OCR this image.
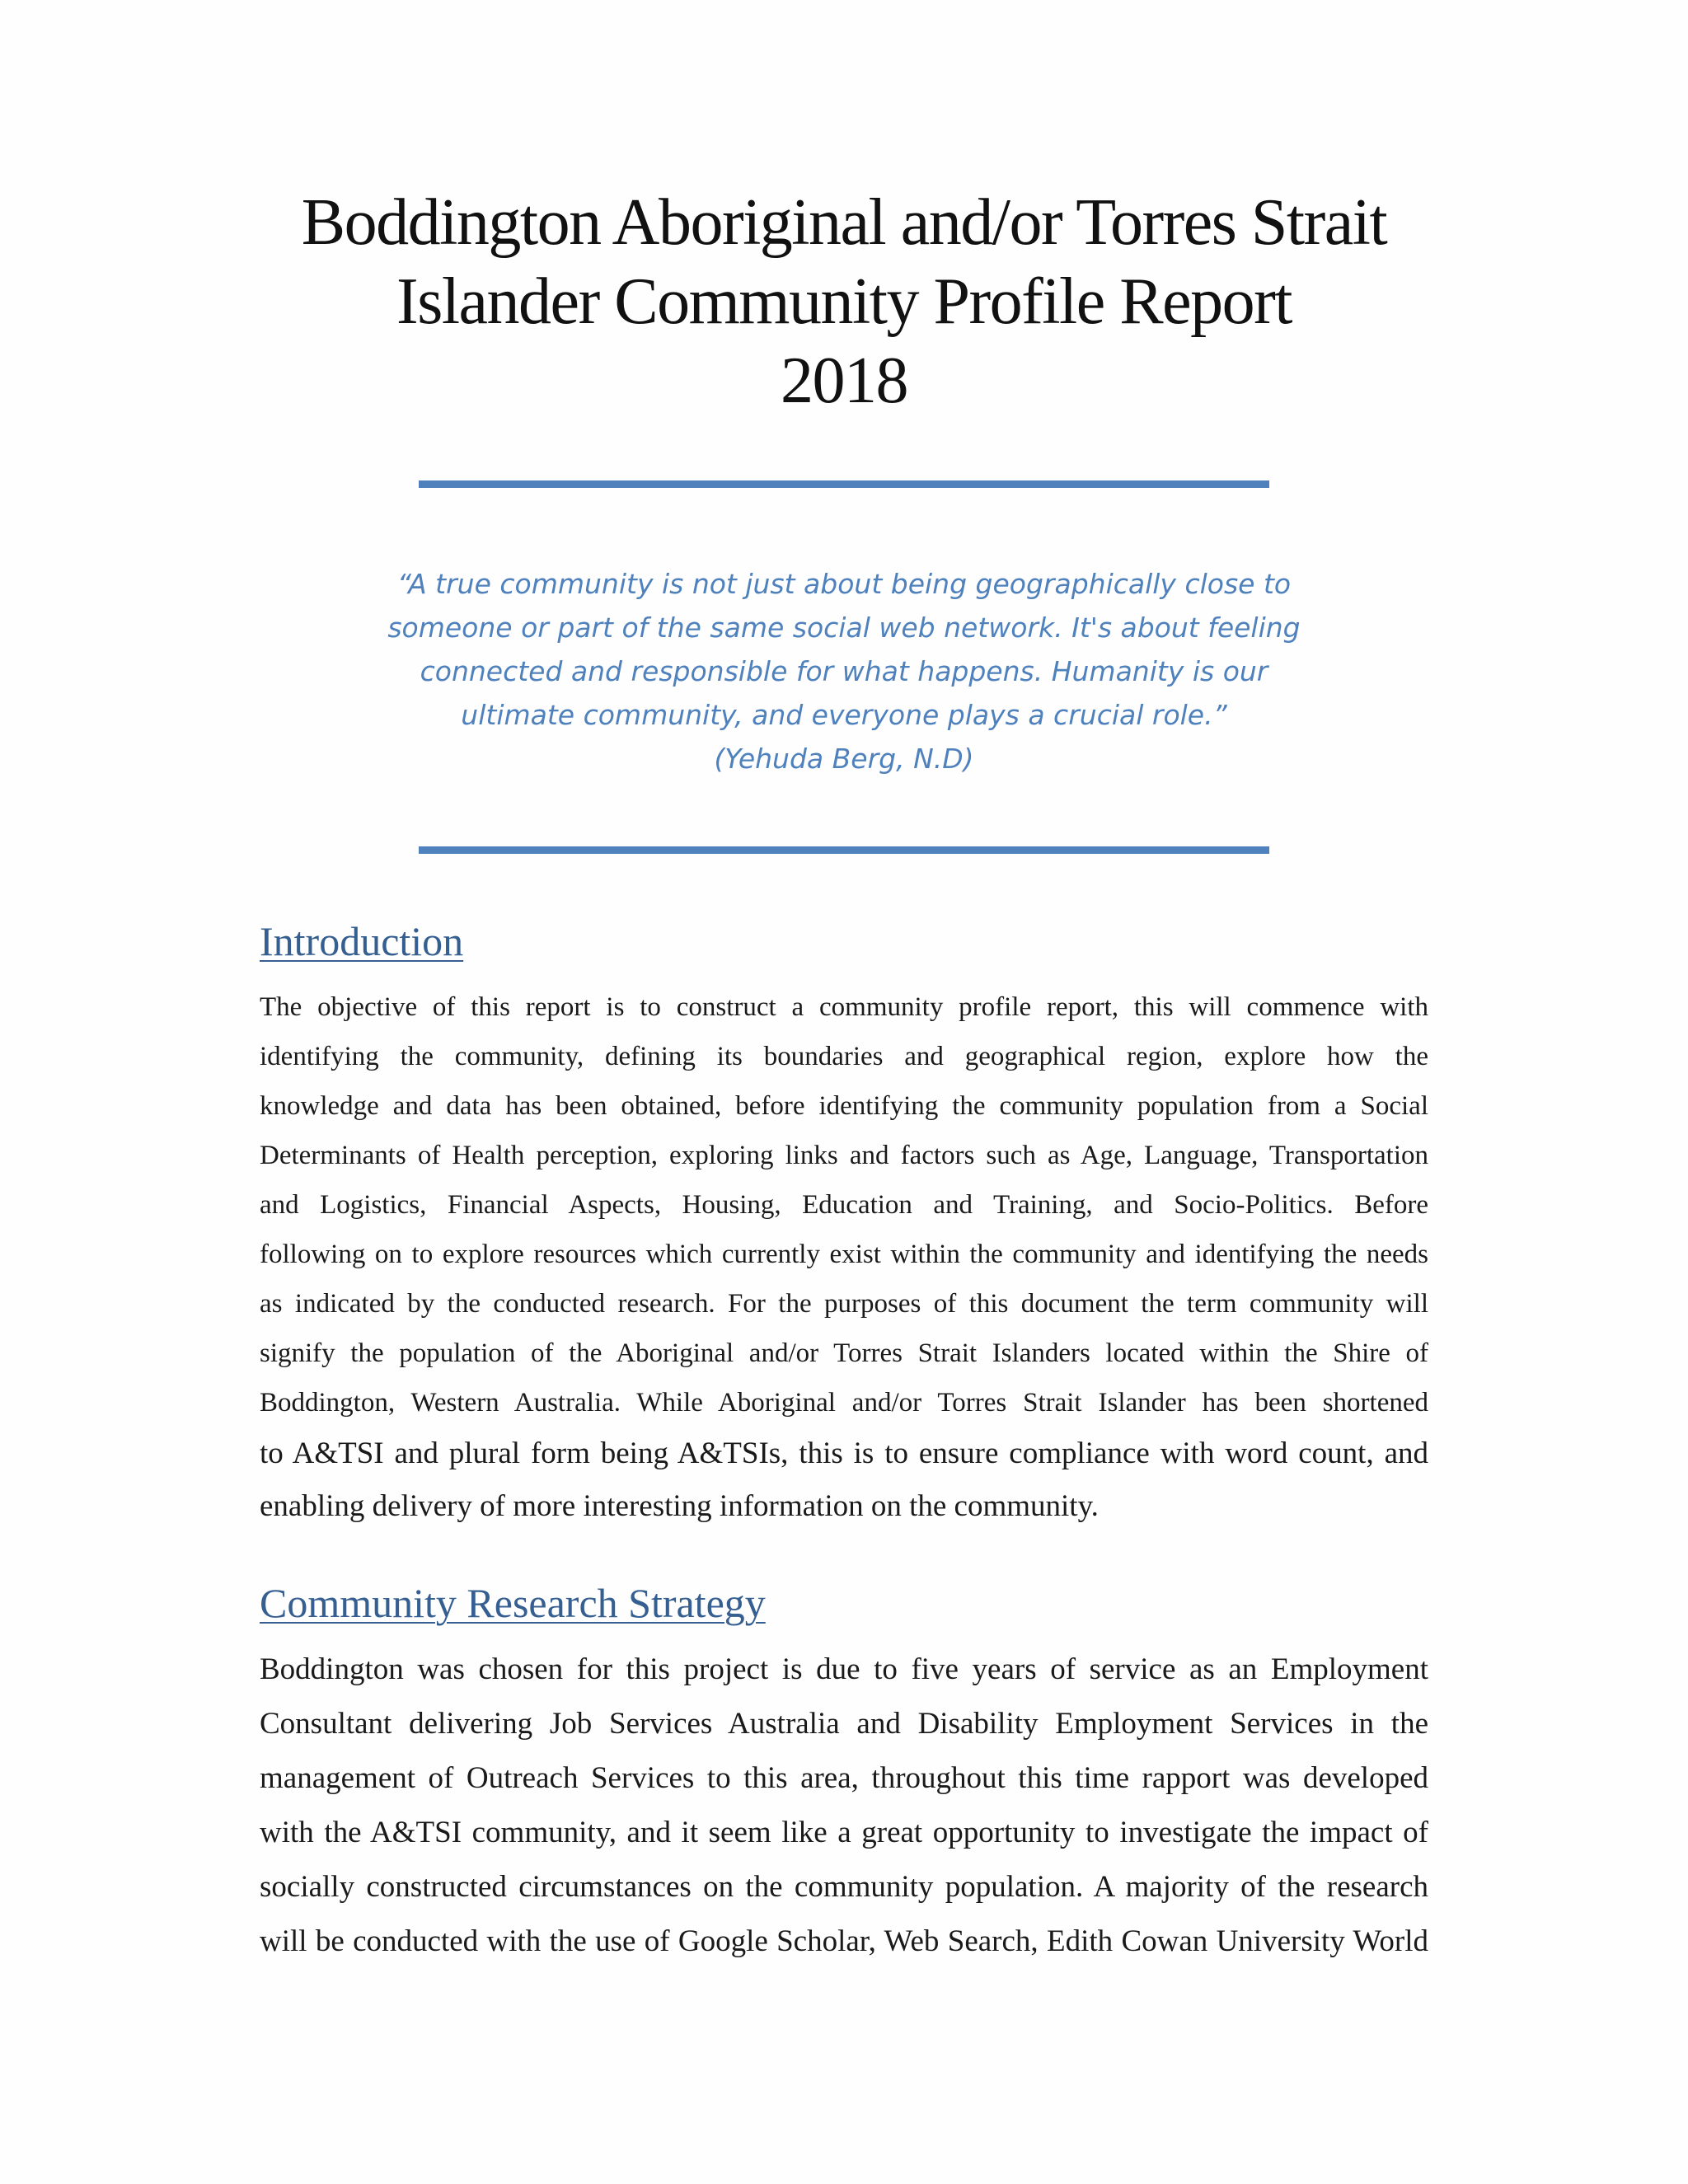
Boddington Aboriginal and/or Torres Strait
Islander Community Profile Report
2018

“A true community is not just about being geographically close to
someone or part of the same social web network. It's about feeling
connected and responsible for what happens. Humanity is our
ultimate community, and everyone plays a crucial role.”
(Yehuda Berg, N.D)

Introduction

The objective of this report is to construct a community profile report, this will commence with
identifying the community, defining its boundaries and geographical region, explore how the
knowledge and data has been obtained, before identifying the community population from a Social
Determinants of Health perception, exploring links and factors such as Age, Language, Transportation
and Logistics, Financial Aspects, Housing, Education and Training, and Socio-Politics. Before
following on to explore resources which currently exist within the community and identifying the needs
as indicated by the conducted research. For the purposes of this document the term community will
signify the population of the Aboriginal and/or Torres Strait Islanders located within the Shire of
Boddington, Western Australia. While Aboriginal and/or Torres Strait Islander has been shortened
to A&TSI and plural form being A&TSIs, this is to ensure compliance with word count, and
enabling delivery of more interesting information on the community.

Community Research Strategy

Boddington was chosen for this project is due to five years of service as an Employment
Consultant delivering Job Services Australia and Disability Employment Services in the
management of Outreach Services to this area, throughout this time rapport was developed
with the A&TSI community, and it seem like a great opportunity to investigate the impact of
socially constructed circumstances on the community population. A majority of the research
will be conducted with the use of Google Scholar, Web Search, Edith Cowan University World
